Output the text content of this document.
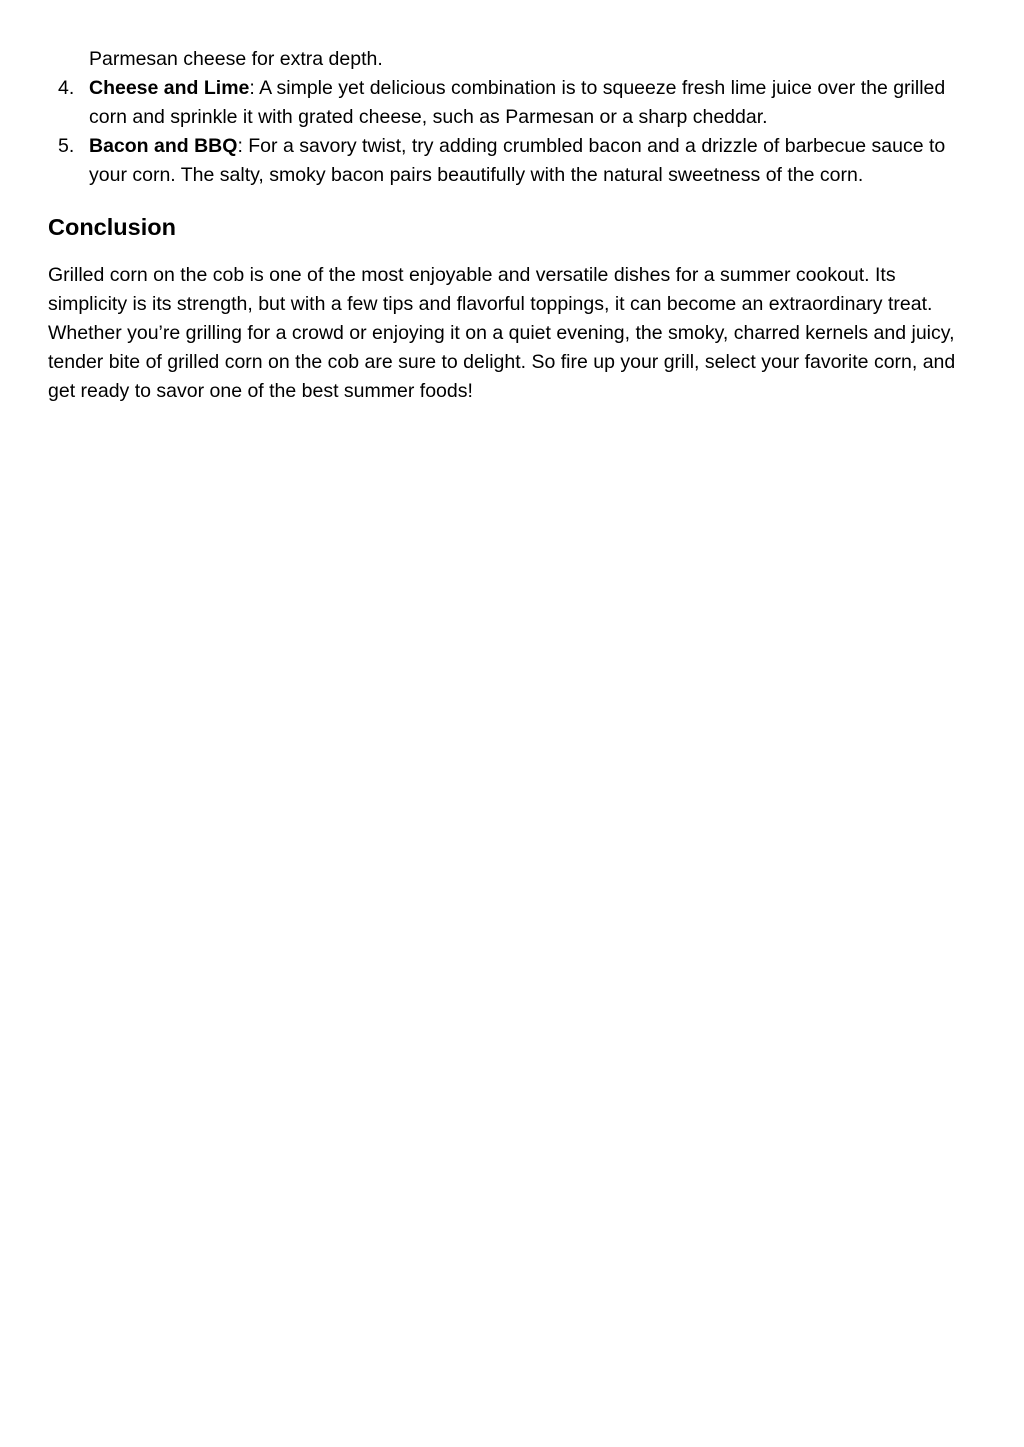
Parmesan cheese for extra depth.
4. Cheese and Lime: A simple yet delicious combination is to squeeze fresh lime juice over the grilled corn and sprinkle it with grated cheese, such as Parmesan or a sharp cheddar.
5. Bacon and BBQ: For a savory twist, try adding crumbled bacon and a drizzle of barbecue sauce to your corn. The salty, smoky bacon pairs beautifully with the natural sweetness of the corn.
Conclusion

Grilled corn on the cob is one of the most enjoyable and versatile dishes for a summer cookout. Its simplicity is its strength, but with a few tips and flavorful toppings, it can become an extraordinary treat. Whether you’re grilling for a crowd or enjoying it on a quiet evening, the smoky, charred kernels and juicy, tender bite of grilled corn on the cob are sure to delight. So fire up your grill, select your favorite corn, and get ready to savor one of the best summer foods!
